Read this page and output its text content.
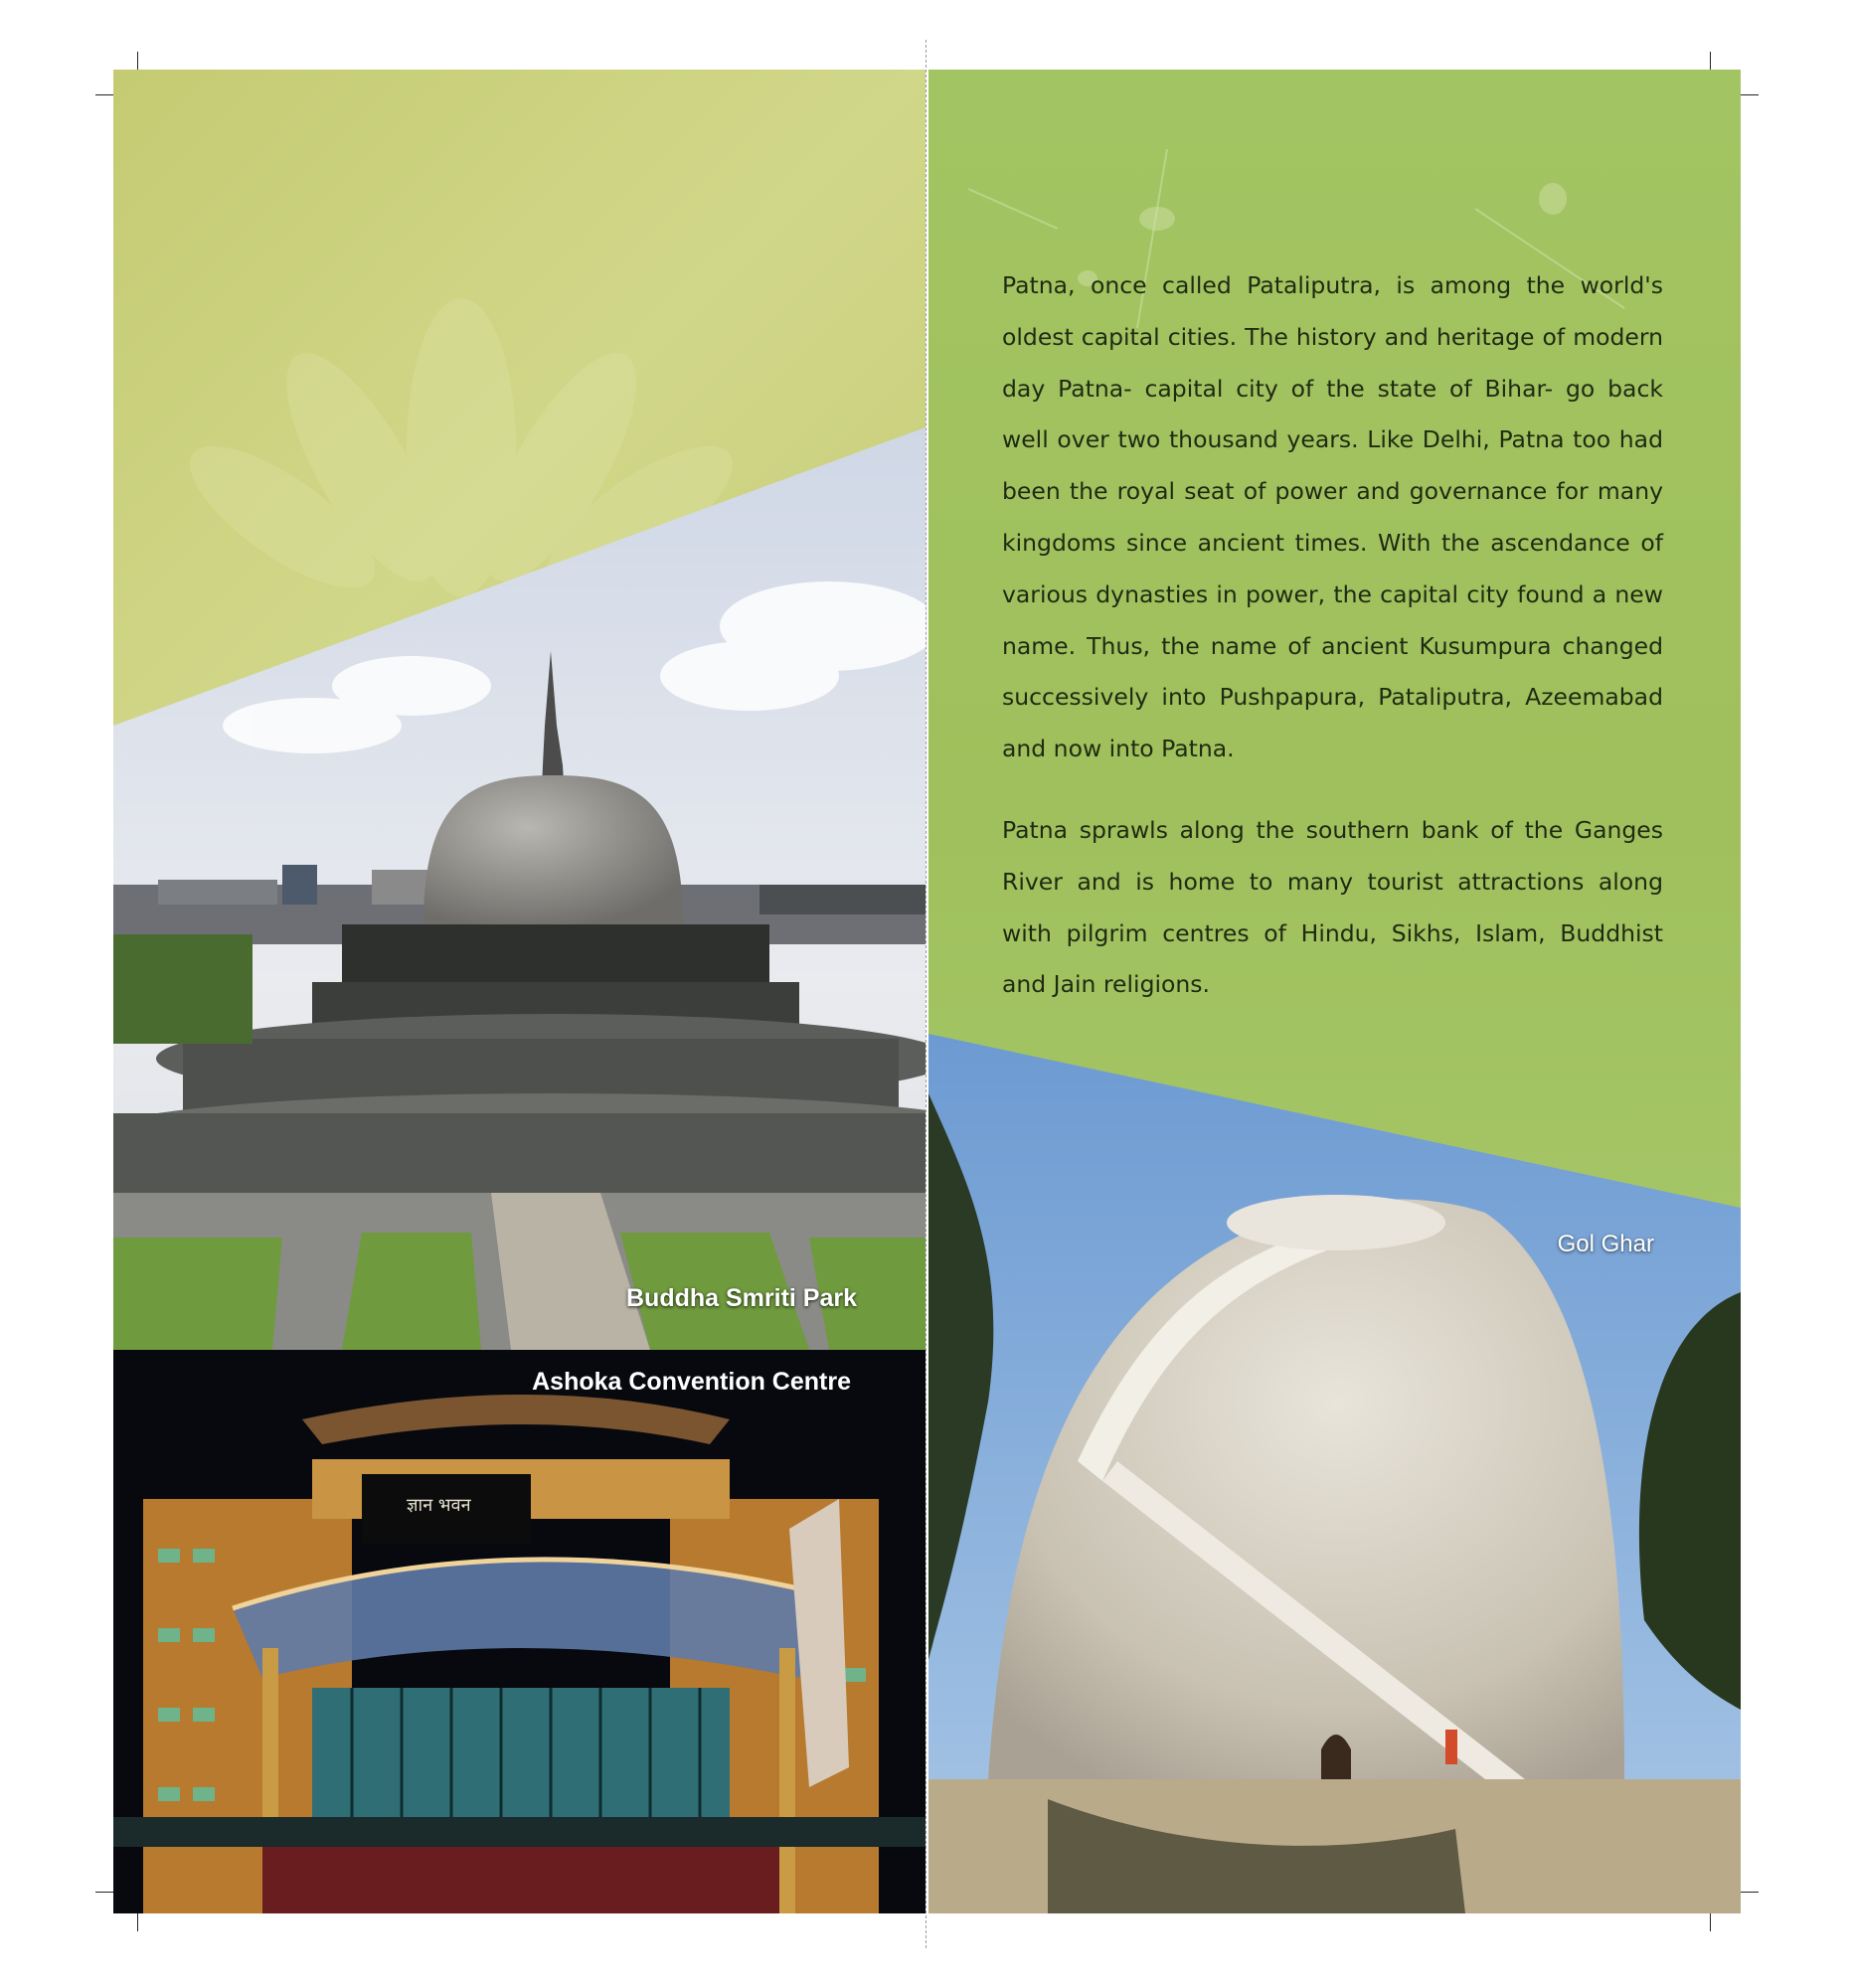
Buddha Smriti Park
ज्ञान भवन
Ashoka Convention Centre
Gol Ghar

Patna, once called Pataliputra, is among the world's oldest capital cities. The history and heritage of modern day Patna- capital city of the state of Bihar- go back well over two thousand years. Like Delhi, Patna too had been the royal seat of power and governance for many kingdoms since ancient times. With the ascendance of various dynasties in power, the capital city found a new name. Thus, the name of ancient Kusumpura changed successively into Pushpapura, Pataliputra, Azeemabad and now into Patna.

Patna sprawls along the southern bank of the Ganges River and is home to many tourist attractions along with pilgrim centres of Hindu, Sikhs, Islam, Buddhist and Jain religions.
